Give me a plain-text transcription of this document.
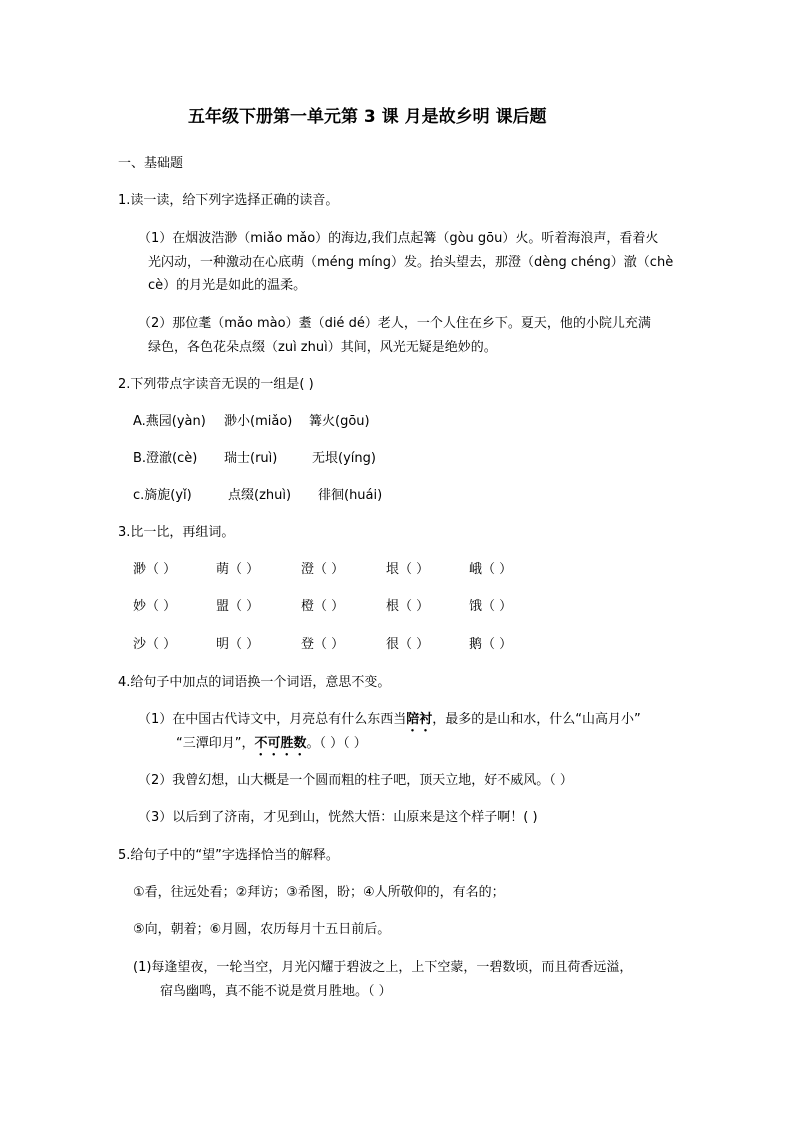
五年级下册第一单元第 3 课 月是故乡明 课后题
一、基础题
1.读一读，给下列字选择正确的读音。
（1）在烟波浩渺（miǎo mǎo）的海边,我们点起篝（gòu gōu）火。听着海浪声，看着火
光闪动，一种激动在心底萌（méng míng）发。抬头望去，那澄（dèng chéng）澈（chè
cè）的月光是如此的温柔。
（2）那位耄（mǎo mào）耋（dié dé）老人，一个人住在乡下。夏天，他的小院儿充满
绿色，各色花朵点缀（zuì zhuì）其间，风光无疑是绝妙的。
2.下列带点字读音无误的一组是( )
A.燕园(yàn) 渺小(miǎo) 篝火(gōu)
B.澄澈(cè) 瑞士(ruì)	无垠(yíng)
c.旖旎(yǐ)	点缀(zhuì) 徘徊(huái)
3.比一比，再组词。
渺（ ）	萌（ ）	澄（ ）	垠（ ）	峨（ ）
妙（ ）	盟（ ）	橙（ ）	根（ ）	饿（ ）
沙（ ）	明（ ）	登（ ）	很（ ）	鹅（ ）
4.给句子中加点的词语换一个词语，意思不变。
（1）在中国古代诗文中，月亮总有什么东西当陪衬，最多的是山和水，什么“山高月小”
“三潭印月”，不可胜数。（ ）（ ）
（2）我曾幻想，山大概是一个圆而粗的柱子吧，顶天立地，好不威风。（ ）
（3）以后到了济南，才见到山，恍然大悟：山原来是这个样子啊！( )
5.给句子中的“望”字选择恰当的解释。
①看，往远处看；②拜访；③希图，盼；④人所敬仰的，有名的；
⑤向，朝着；⑥月圆，农历每月十五日前后。
(1)每逢望夜，一轮当空，月光闪耀于碧波之上，上下空蒙，一碧数顷，而且荷香远溢，
宿鸟幽鸣，真不能不说是赏月胜地。（ ）
